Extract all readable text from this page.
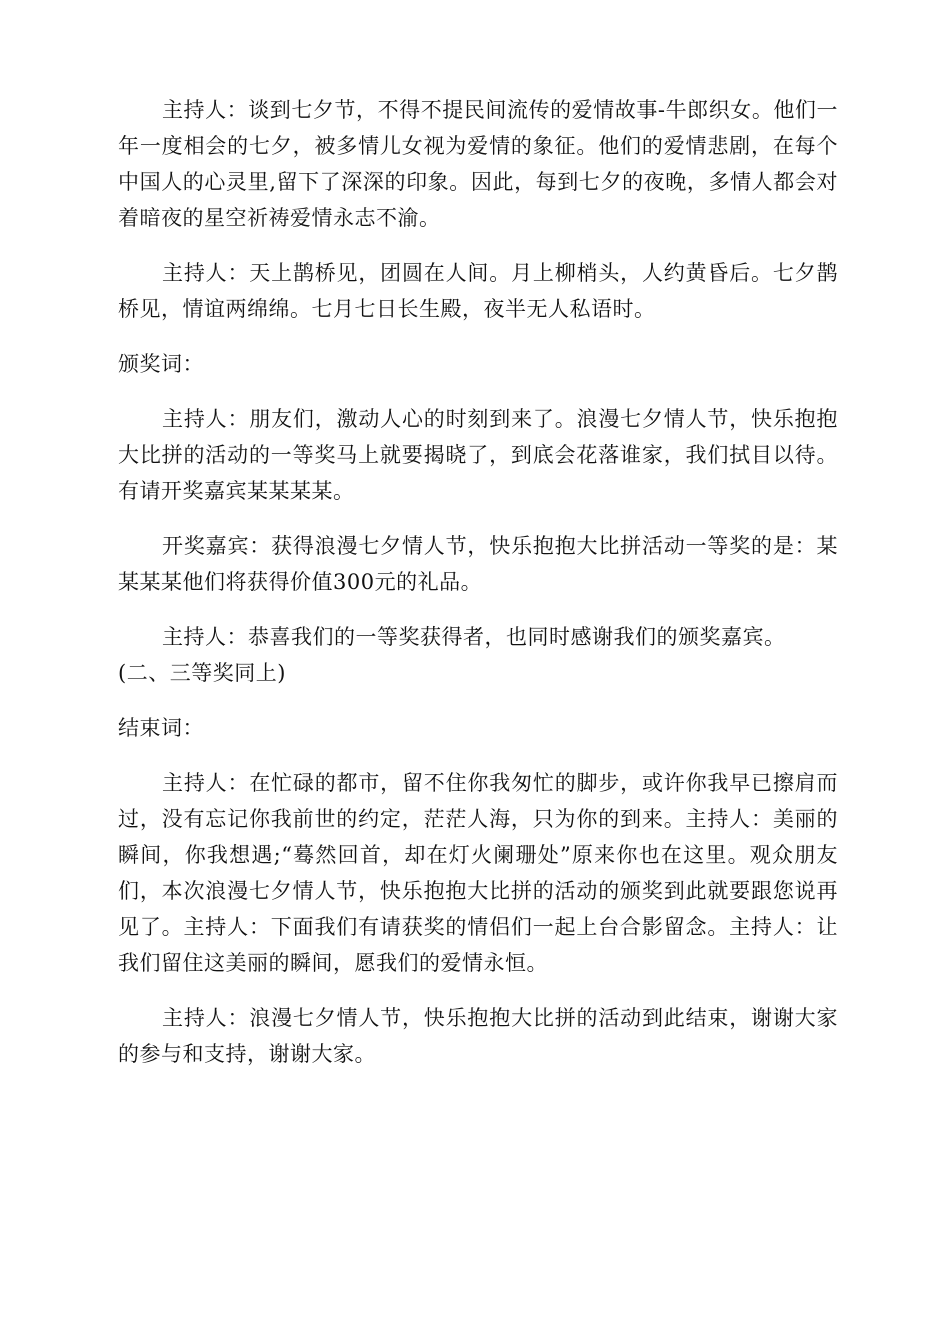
主持人：谈到七夕节，不得不提民间流传的爱情故事-牛郎织女。他们一年一度相会的七夕，被多情儿女视为爱情的象征。他们的爱情悲剧，在每个中国人的心灵里,留下了深深的印象。因此，每到七夕的夜晚，多情人都会对着暗夜的星空祈祷爱情永志不渝。

主持人：天上鹊桥见，团圆在人间。月上柳梢头，人约黄昏后。七夕鹊桥见，情谊两绵绵。七月七日长生殿，夜半无人私语时。

颁奖词：

主持人：朋友们，激动人心的时刻到来了。浪漫七夕情人节，快乐抱抱大比拼的活动的一等奖马上就要揭晓了，到底会花落谁家，我们拭目以待。有请开奖嘉宾某某某某。

开奖嘉宾：获得浪漫七夕情人节，快乐抱抱大比拼活动一等奖的是：某某某某他们将获得价值300元的礼品。

主持人：恭喜我们的一等奖获得者，也同时感谢我们的颁奖嘉宾。

(二、三等奖同上)

结束词：

主持人：在忙碌的都市，留不住你我匆忙的脚步，或许你我早已擦肩而过，没有忘记你我前世的约定，茫茫人海，只为你的到来。主持人：美丽的瞬间，你我想遇;“蓦然回首，却在灯火阑珊处”原来你也在这里。观众朋友们，本次浪漫七夕情人节，快乐抱抱大比拼的活动的颁奖到此就要跟您说再见了。主持人：下面我们有请获奖的情侣们一起上台合影留念。主持人：让我们留住这美丽的瞬间，愿我们的爱情永恒。

主持人：浪漫七夕情人节，快乐抱抱大比拼的活动到此结束，谢谢大家的参与和支持，谢谢大家。
